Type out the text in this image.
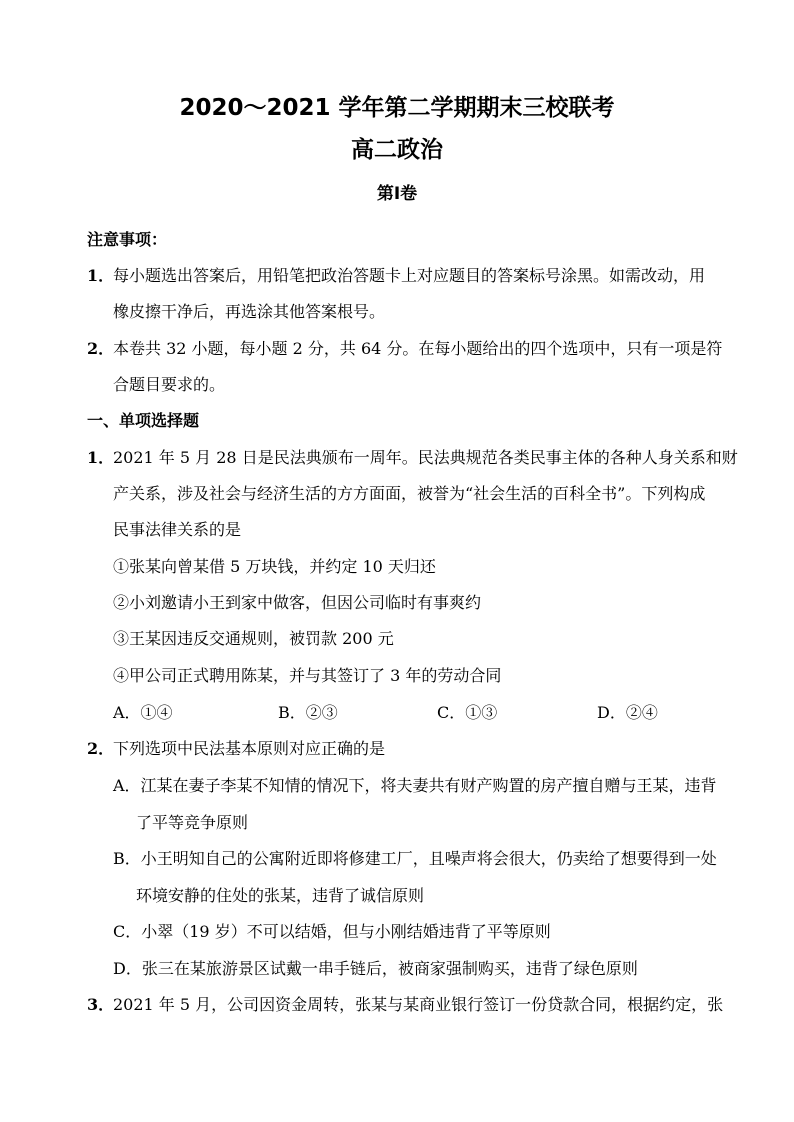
2020～2021 学年第二学期期末三校联考
高二政治
第Ⅰ卷
注意事项：
1．
每小题选出答案后，用铅笔把政治答题卡上对应题目的答案标号涂黑。如需改动，用
橡皮擦干净后，再选涂其他答案根号。
2．
本卷共 32 小题，每小题 2 分，共 64 分。在每小题给出的四个选项中，只有一项是符
合题目要求的。
一、单项选择题
1．
2021 年 5 月 28 日是民法典颁布一周年。民法典规范各类民事主体的各种人身关系和财
产关系，涉及社会与经济生活的方方面面，被誉为“社会生活的百科全书”。下列构成
民事法律关系的是
①张某向曾某借 5 万块钱，并约定 10 天归还
②小刘邀请小王到家中做客，但因公司临时有事爽约
③王某因违反交通规则，被罚款 200 元
④甲公司正式聘用陈某，并与其签订了 3 年的劳动合同
A．①④	B．②③	C．①③	D．②④
2．
下列选项中民法基本原则对应正确的是
A．江某在妻子李某不知情的情况下，将夫妻共有财产购置的房产擅自赠与王某，违背
了平等竞争原则
B．小王明知自己的公寓附近即将修建工厂，且噪声将会很大，仍卖给了想要得到一处
环境安静的住处的张某，违背了诚信原则
C．小翠（19 岁）不可以结婚，但与小刚结婚违背了平等原则
D．张三在某旅游景区试戴一串手链后，被商家强制购买，违背了绿色原则
3．
2021 年 5 月，公司因资金周转，张某与某商业银行签订一份贷款合同，根据约定，张
